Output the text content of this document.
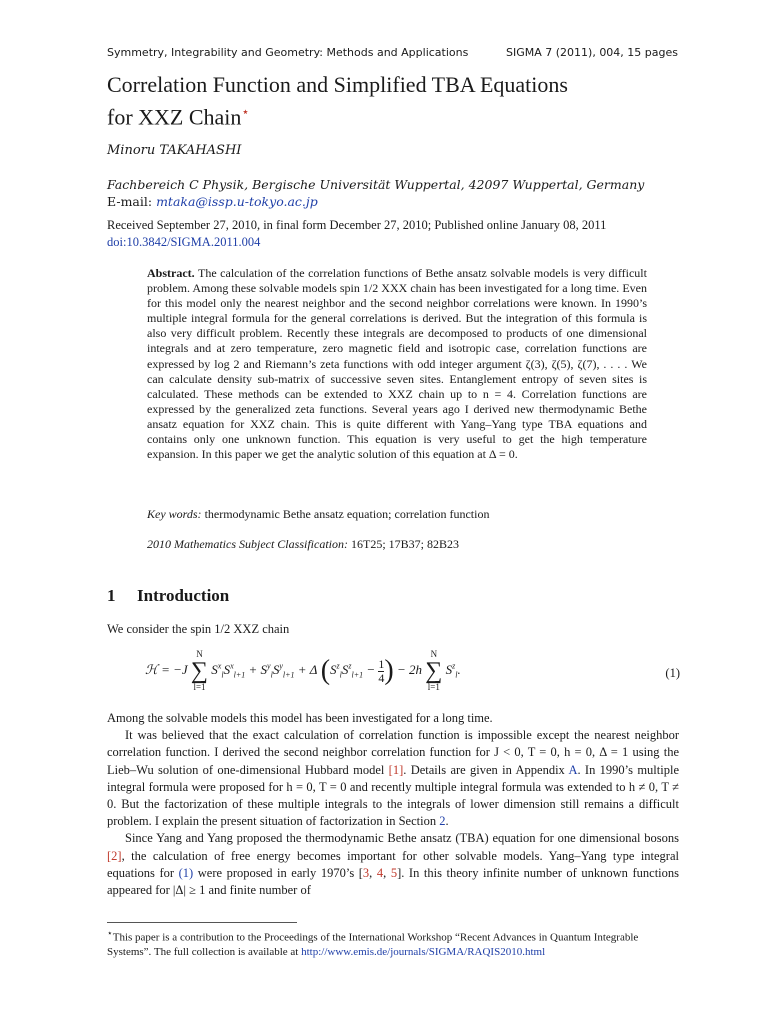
Symmetry, Integrability and Geometry: Methods and Applications	SIGMA 7 (2011), 004, 15 pages
Correlation Function and Simplified TBA Equations
for XXZ Chain⋆
Minoru TAKAHASHI
Fachbereich C Physik, Bergische Universität Wuppertal, 42097 Wuppertal, Germany
E-mail: mtaka@issp.u-tokyo.ac.jp
Received September 27, 2010, in final form December 27, 2010; Published online January 08, 2011
doi:10.3842/SIGMA.2011.004
Abstract. The calculation of the correlation functions of Bethe ansatz solvable models is very difficult problem. Among these solvable models spin 1/2 XXX chain has been investigated for a long time. Even for this model only the nearest neighbor and the second neighbor correlations were known. In 1990’s multiple integral formula for the general correlations is derived. But the integration of this formula is also very difficult problem. Recently these integrals are decomposed to products of one dimensional integrals and at zero temperature, zero magnetic field and isotropic case, correlation functions are expressed by log 2 and Riemann’s zeta functions with odd integer argument ζ(3), ζ(5), ζ(7), . . . . We can calculate density sub-matrix of successive seven sites. Entanglement entropy of seven sites is calculated. These methods can be extended to XXZ chain up to n = 4. Correlation functions are expressed by the generalized zeta functions. Several years ago I derived new thermodynamic Bethe ansatz equation for XXZ chain. This is quite different with Yang–Yang type TBA equations and contains only one unknown function. This equation is very useful to get the high temperature expansion. In this paper we get the analytic solution of this equation at Δ = 0.
Key words: thermodynamic Bethe ansatz equation; correlation function
2010 Mathematics Subject Classification: 16T25; 17B37; 82B23
1 Introduction
We consider the spin 1/2 XXZ chain
ℋ = −J
N
∑
l=1
$S^x_lS^x_{l+1} + S^y_lS^y_{l+1} + \Delta$ ($S^z_lS^z_{l+1} - \frac{1}{4}$ ) − 2h
N
∑
l=1
$S^z_l$.	(1)

Among the solvable models this model has been investigated for a long time.

It was believed that the exact calculation of correlation function is impossible except the nearest neighbor correlation function. I derived the second neighbor correlation function for J < 0, T = 0, h = 0, Δ = 1 using the Lieb–Wu solution of one-dimensional Hubbard model [1]. Details are given in Appendix A. In 1990’s multiple integral formula were proposed for h = 0, T = 0 and recently multiple integral formula was extended to h ≠ 0, T ≠ 0. But the factorization of these multiple integrals to the integrals of lower dimension still remains a difficult problem. I explain the present situation of factorization in Section 2.

Since Yang and Yang proposed the thermodynamic Bethe ansatz (TBA) equation for one dimensional bosons [2], the calculation of free energy becomes important for other solvable models. Yang–Yang type integral equations for (1) were proposed in early 1970’s [3, 4, 5]. In this theory infinite number of unknown functions appeared for |Δ| ≥ 1 and finite number of

⋆This paper is a contribution to the Proceedings of the International Workshop “Recent Advances in Quantum Integrable Systems”. The full collection is available at http://www.emis.de/journals/SIGMA/RAQIS2010.html
